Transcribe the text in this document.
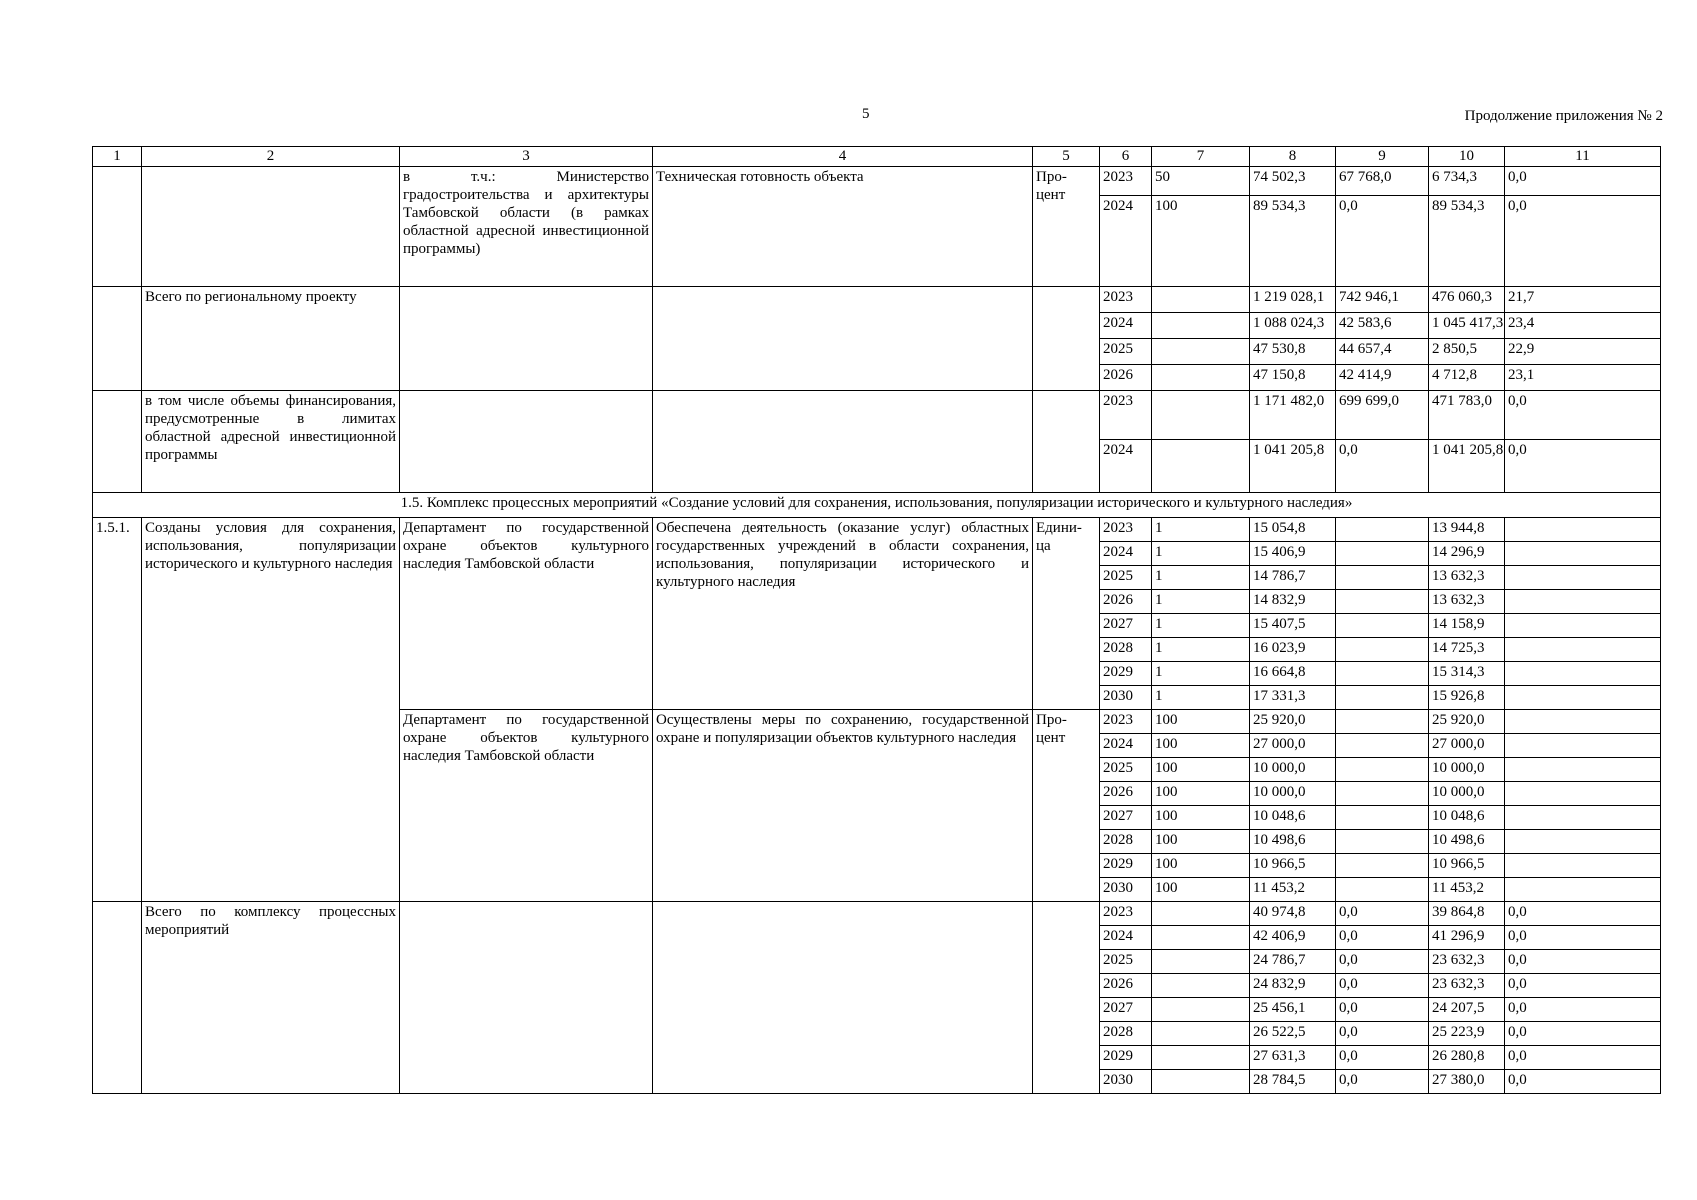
5	Продолжение приложения № 2
1	2	3	4	5	6	7	8	9	10	11	
		в т.ч.: Министерство градостроительства и архитектуры Тамбовской области (в рамках областной адресной инвестиционной программы)	Техническая готовность объекта	Про-цент	2023	50	74 502,3	67 768,0	6 734,3	0,0	
					2024	100	89 534,3	0,0	89 534,3	0,0	
	Всего по региональному проекту				2023		1 219 028,1	742 946,1	476 060,3	21,7	
					2024		1 088 024,3	42 583,6	1 045 417,3	23,4	
					2025		47 530,8	44 657,4	2 850,5	22,9	
					2026		47 150,8	42 414,9	4 712,8	23,1	
	в том числе объемы финансирования, предусмотренные в лимитах областной адресной инвестиционной программы				2023		1 171 482,0	699 699,0	471 783,0	0,0	
					2024		1 041 205,8	0,0	1 041 205,8	0,0	
1.5. Комплекс процессных мероприятий «Создание условий для сохранения, использования, популяризации исторического и культурного наследия»											
1.5.1.	Созданы условия для сохранения, использования, популяризации исторического и культурного наследия	Департамент по государственной охране объектов культурного наследия Тамбовской области	Обеспечена деятельность (оказание услуг) областных государственных учреждений в области сохранения, использования, популяризации исторического и культурного наследия	Едини-ца	2023	1	15 054,8		13 944,8		
					2024	1	15 406,9		14 296,9		
					2025	1	14 786,7		13 632,3		
					2026	1	14 832,9		13 632,3		
					2027	1	15 407,5		14 158,9		
					2028	1	16 023,9		14 725,3		
					2029	1	16 664,8		15 314,3		
					2030	1	17 331,3		15 926,8		
		Департамент по государственной охране объектов культурного наследия Тамбовской области	Осуществлены меры по сохранению, государственной охране и популяризации объектов культурного наследия	Про-цент	2023	100	25 920,0		25 920,0		
					2024	100	27 000,0		27 000,0		
					2025	100	10 000,0		10 000,0		
					2026	100	10 000,0		10 000,0		
					2027	100	10 048,6		10 048,6		
					2028	100	10 498,6		10 498,6		
					2029	100	10 966,5		10 966,5		
					2030	100	11 453,2		11 453,2		
	Всего по комплексу процессных мероприятий				2023		40 974,8	0,0	39 864,8	0,0	
					2024		42 406,9	0,0	41 296,9	0,0	
					2025		24 786,7	0,0	23 632,3	0,0	
					2026		24 832,9	0,0	23 632,3	0,0	
					2027		25 456,1	0,0	24 207,5	0,0	
					2028		26 522,5	0,0	25 223,9	0,0	
					2029		27 631,3	0,0	26 280,8	0,0	
					2030		28 784,5	0,0	27 380,0	0,0	
